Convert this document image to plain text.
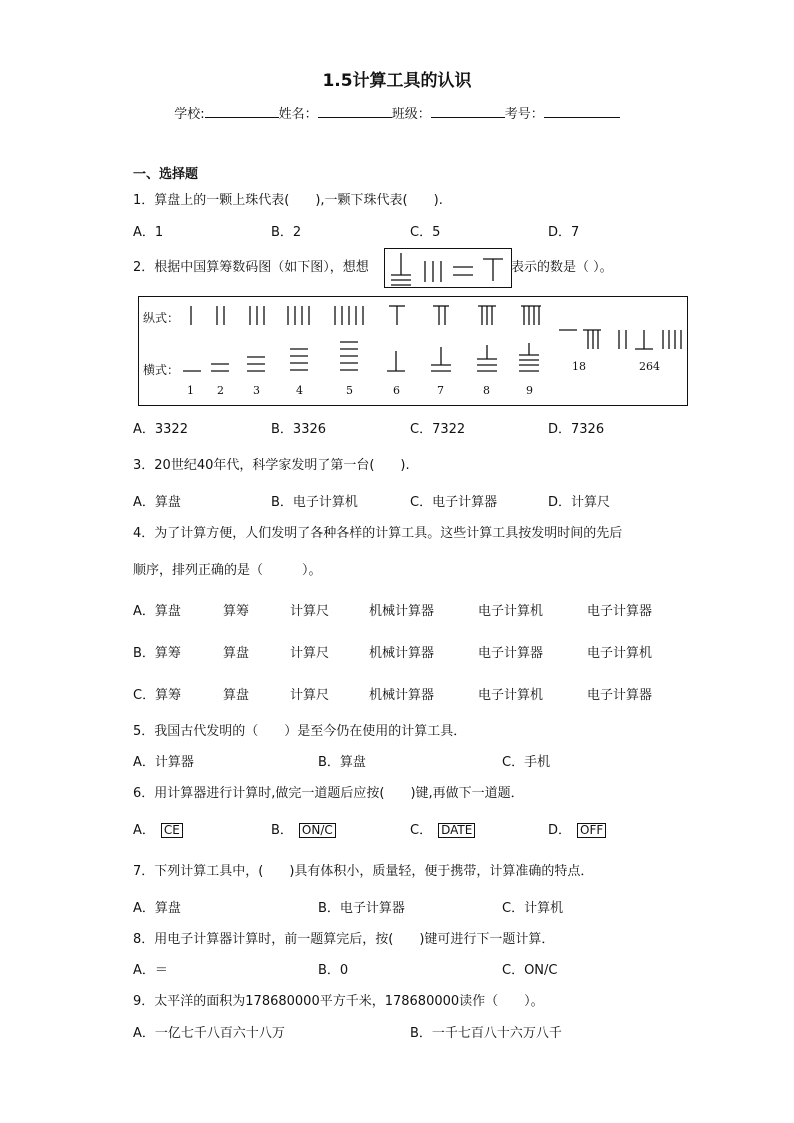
1.5计算工具的认识
学校:	姓名：	班级：	考号：
一、选择题
1．算盘上的一颗上珠代表(　　),一颗下珠代表(　　).
A．1	B．2	C．5	D．7
2．根据中国算筹数码图（如下图），想想	表示的数是（ ）。
纵式：
横式：
1 2	3	4	5	6	7	8	9
18	264
A．3322	B．3326	C．7322	D．7326
3．20世纪40年代，科学家发明了第一台(　　).
A．算盘	B．电子计算机	C．电子计算器	D．计算尺
4．为了计算方便，人们发明了各种各样的计算工具。这些计算工具按发明时间的先后
顺序，排列正确的是（　　　）。
A．算盘	算筹	计算尺	机械计算器	电子计算机	电子计算器
B．算筹	算盘	计算尺	机械计算器	电子计算器	电子计算机
C．算筹	算盘	计算尺	机械计算器	电子计算机	电子计算器
5．我国古代发明的（　　）是至今仍在使用的计算工具．
A．计算器	B．算盘	C．手机
6．用计算器进行计算时,做完一道题后应按(　　)键,再做下一道题．
A． CE	B． ON/C	C． DATE	D． OFF
7．下列计算工具中，(　　)具有体积小，质量轻，便于携带，计算准确的特点．
A．算盘	B．电子计算器	C．计算机
8．用电子计算器计算时，前一题算完后，按(　　)键可进行下一题计算．
A．＝	B．0	C．ON/C
9．太平洋的面积为178680000平方千米，178680000读作（　　）。
A．一亿七千八百六十八万	B．一千七百八十六万八千
